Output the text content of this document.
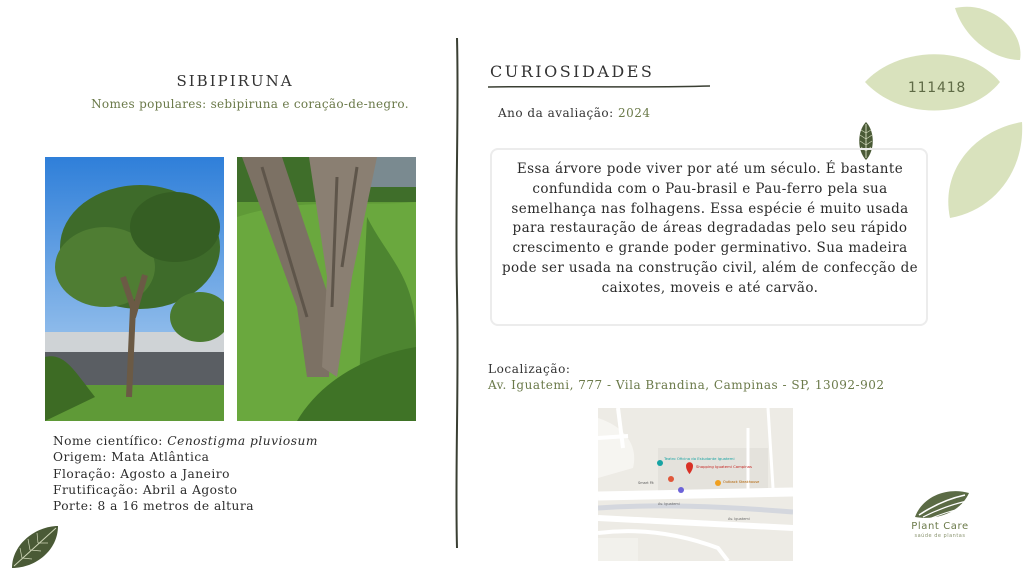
111418
SIBIPIRUNA
Nomes populares: sebipiruna e coração-de-negro.
Nome científico: Cenostigma pluviosum
Origem: Mata Atlântica
Floração: Agosto a Janeiro
Frutificação: Abril a Agosto
Porte: 8 a 16 metros de altura
CURIOSIDADES
Ano da avaliação: 2024
Essa árvore pode viver por até um século. É bastante confundida com o Pau-brasil e Pau-ferro pela sua semelhança nas folhagens. Essa espécie é muito usada para restauração de áreas degradadas pelo seu rápido crescimento e grande poder germinativo. Sua madeira pode ser usada na construção civil, além de confecção de caixotes, moveis e até carvão.
Localização:
Av. Iguatemi, 777 - Vila Brandina, Campinas - SP, 13092-902
Teatro Oficina do Estudante Iguatemi
Shopping Iguatemi Campinas
Outback Steakhouse
Smart Fit
Av. Iguatemi
Av. Iguatemi
Plant Care
saúde de plantas
